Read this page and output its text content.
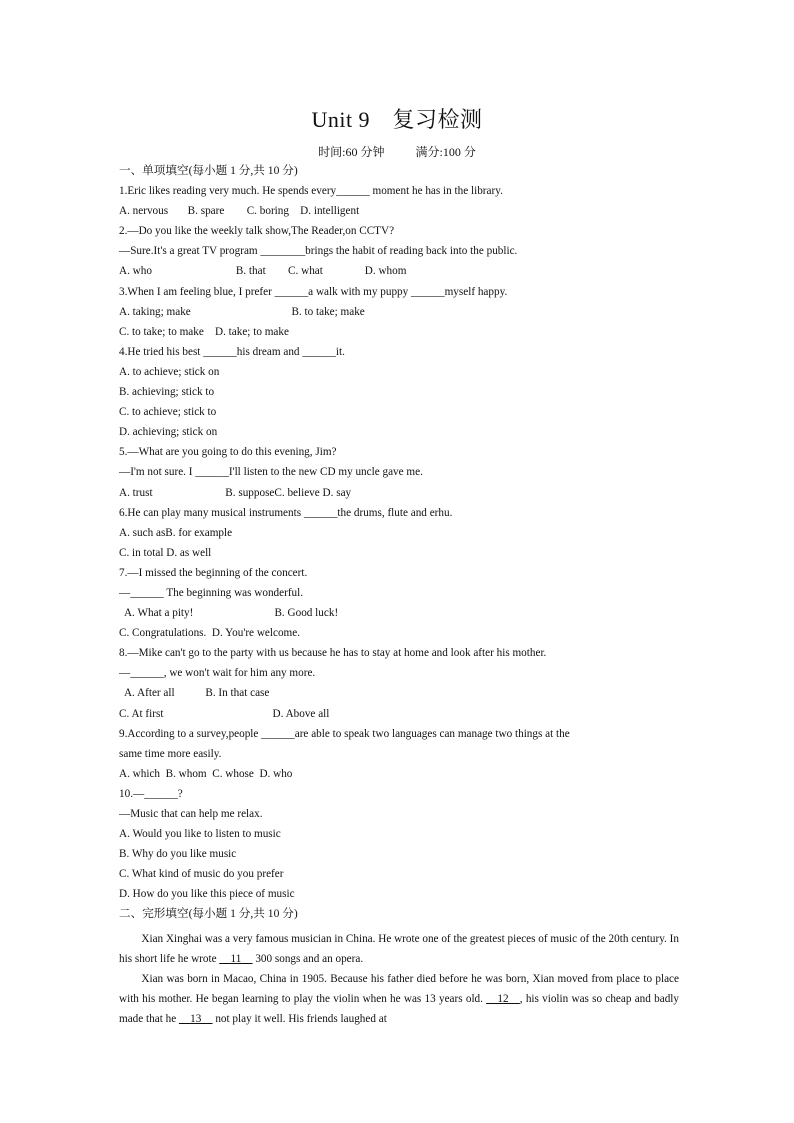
Unit 9　复习检测
时间:60 分钟	满分:100 分
一、单项填空(每小题 1 分,共 10 分)
1.Eric likes reading very much. He spends every______ moment he has in the library.
A. nervous       B. spare        C. boring    D. intelligent
2.—Do you like the weekly talk show,The Reader,on CCTV?
—Sure.It's a great TV program ________brings the habit of reading back into the public.
A. who                              B. that        C. what               D. whom
3.When I am feeling blue, I prefer ______a walk with my puppy ______myself happy.
A. taking; make                                    B. to take; make
C. to take; to make    D. take; to make
4.He tried his best ______his dream and ______it.
A. to achieve; stick on
B. achieving; stick to
C. to achieve; stick to
D. achieving; stick on
5.—What are you going to do this evening, Jim?
—I'm not sure. I ______I'll listen to the new CD my uncle gave me.
A. trust                          B. supposeC. believe D. say
6.He can play many musical instruments ______the drums, flute and erhu.
A. such asB. for example
C. in total D. as well
7.—I missed the beginning of the concert.
—______ The beginning was wonderful.
A. What a pity!                             B. Good luck!
C. Congratulations.  D. You're welcome.
8.—Mike can't go to the party with us because he has to stay at home and look after his mother.
—______, we won't wait for him any more.
A. After all           B. In that case
C. At first                                       D. Above all
9.According to a survey,people ______are able to speak two languages can manage two things at the
same time more easily.
A. which  B. whom  C. whose  D. who
10.—______?
—Music that can help me relax.
A. Would you like to listen to music
B. Why do you like music
C. What kind of music do you prefer
D. How do you like this piece of music
二、完形填空(每小题 1 分,共 10 分)
Xian Xinghai was a very famous musician in China. He wrote one of the greatest pieces of music of the 20th century. In his short life he wrote __11__ 300 songs and an opera.
Xian was born in Macao, China in 1905. Because his father died before he was born, Xian moved from place to place with his mother. He began learning to play the violin when he was 13 years old. __12__, his violin was so cheap and badly made that he __13__ not play it well. His friends laughed at
